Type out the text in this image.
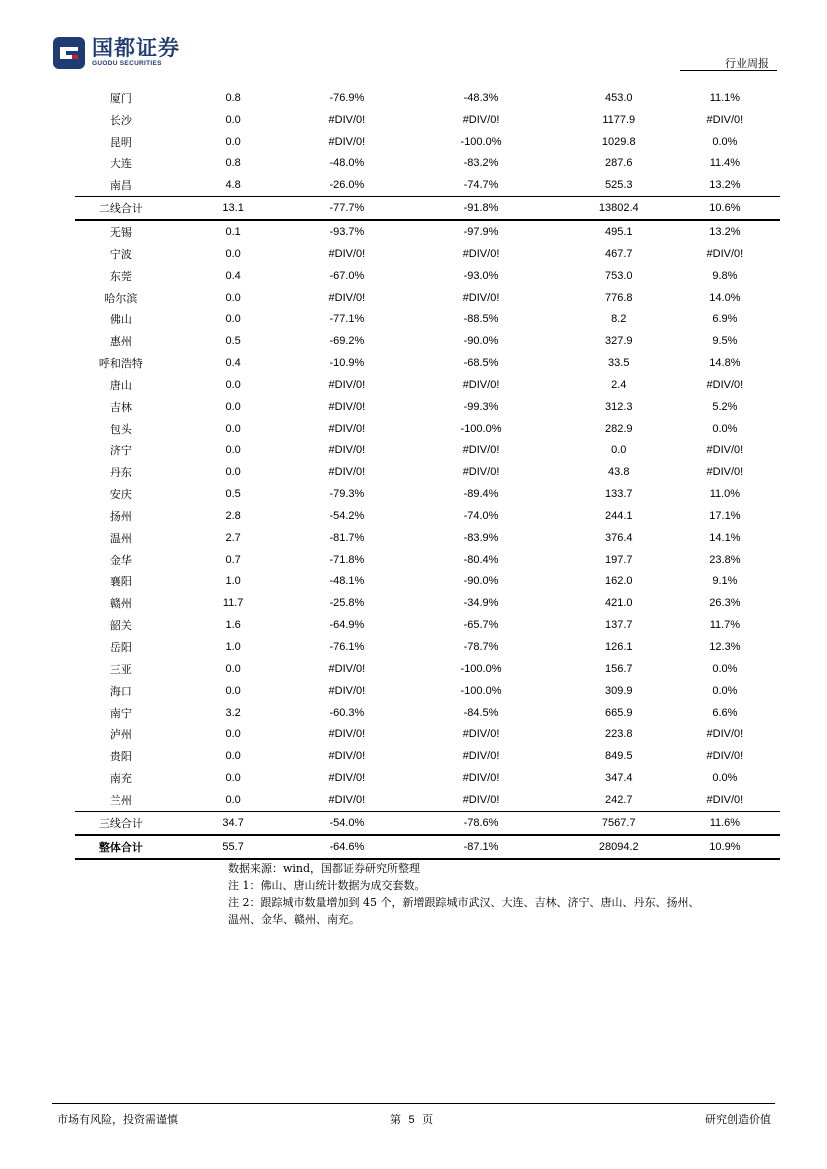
国都证券
GUODU SECURITIES	行业周报
厦门	0.8	-76.9%	-48.3%	453.0	11.1%
长沙	0.0	#DIV/0!	#DIV/0!	1177.9	#DIV/0!
昆明	0.0	#DIV/0!	-100.0%	1029.8	0.0%
大连	0.8	-48.0%	-83.2%	287.6	11.4%
南昌	4.8	-26.0%	-74.7%	525.3	13.2%
二线合计	13.1	-77.7%	-91.8%	13802.4	10.6%
无锡	0.1	-93.7%	-97.9%	495.1	13.2%
宁波	0.0	#DIV/0!	#DIV/0!	467.7	#DIV/0!
东莞	0.4	-67.0%	-93.0%	753.0	9.8%
哈尔滨	0.0	#DIV/0!	#DIV/0!	776.8	14.0%
佛山	0.0	-77.1%	-88.5%	8.2	6.9%
惠州	0.5	-69.2%	-90.0%	327.9	9.5%
呼和浩特	0.4	-10.9%	-68.5%	33.5	14.8%
唐山	0.0	#DIV/0!	#DIV/0!	2.4	#DIV/0!
吉林	0.0	#DIV/0!	-99.3%	312.3	5.2%
包头	0.0	#DIV/0!	-100.0%	282.9	0.0%
济宁	0.0	#DIV/0!	#DIV/0!	0.0	#DIV/0!
丹东	0.0	#DIV/0!	#DIV/0!	43.8	#DIV/0!
安庆	0.5	-79.3%	-89.4%	133.7	11.0%
扬州	2.8	-54.2%	-74.0%	244.1	17.1%
温州	2.7	-81.7%	-83.9%	376.4	14.1%
金华	0.7	-71.8%	-80.4%	197.7	23.8%
襄阳	1.0	-48.1%	-90.0%	162.0	9.1%
赣州	11.7	-25.8%	-34.9%	421.0	26.3%
韶关	1.6	-64.9%	-65.7%	137.7	11.7%
岳阳	1.0	-76.1%	-78.7%	126.1	12.3%
三亚	0.0	#DIV/0!	-100.0%	156.7	0.0%
海口	0.0	#DIV/0!	-100.0%	309.9	0.0%
南宁	3.2	-60.3%	-84.5%	665.9	6.6%
泸州	0.0	#DIV/0!	#DIV/0!	223.8	#DIV/0!
贵阳	0.0	#DIV/0!	#DIV/0!	849.5	#DIV/0!
南充	0.0	#DIV/0!	#DIV/0!	347.4	0.0%
兰州	0.0	#DIV/0!	#DIV/0!	242.7	#DIV/0!
三线合计	34.7	-54.0%	-78.6%	7567.7	11.6%
整体合计	55.7	-64.6%	-87.1%	28094.2	10.9%
数据来源：wind，国都证券研究所整理
注 1：佛山、唐山统计数据为成交套数。
注 2：跟踪城市数量增加到 45 个，新增跟踪城市武汉、大连、吉林、济宁、唐山、丹东、扬州、
温州、金华、赣州、南充。
市场有风险，投资需谨慎	第 5 页	研究创造价值
